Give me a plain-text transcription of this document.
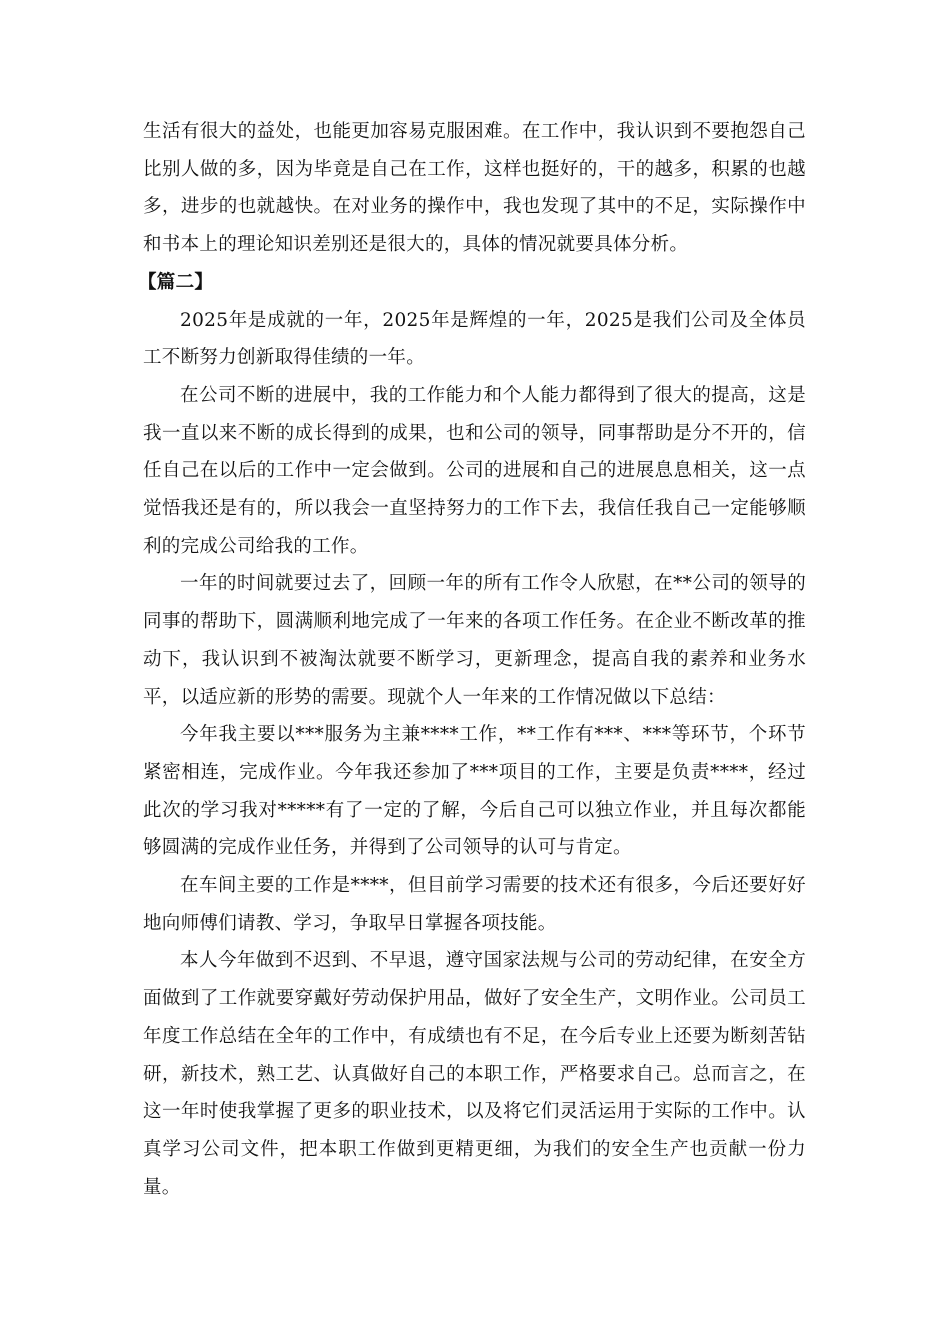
生活有很大的益处，也能更加容易克服困难。在工作中，我认识到不要抱怨自己比别人做的多，因为毕竟是自己在工作，这样也挺好的，干的越多，积累的也越多，进步的也就越快。在对业务的操作中，我也发现了其中的不足，实际操作中和书本上的理论知识差别还是很大的，具体的情况就要具体分析。

【篇二】

2025年是成就的一年，2025年是辉煌的一年，2025是我们公司及全体员工不断努力创新取得佳绩的一年。

在公司不断的进展中，我的工作能力和个人能力都得到了很大的提高，这是我一直以来不断的成长得到的成果，也和公司的领导，同事帮助是分不开的，信任自己在以后的工作中一定会做到。公司的进展和自己的进展息息相关，这一点觉悟我还是有的，所以我会一直坚持努力的工作下去，我信任我自己一定能够顺利的完成公司给我的工作。

一年的时间就要过去了，回顾一年的所有工作令人欣慰，在**公司的领导的同事的帮助下，圆满顺利地完成了一年来的各项工作任务。在企业不断改革的推动下，我认识到不被淘汰就要不断学习，更新理念，提高自我的素养和业务水平，以适应新的形势的需要。现就个人一年来的工作情况做以下总结：

今年我主要以***服务为主兼****工作，**工作有***、***等环节，个环节紧密相连，完成作业。今年我还参加了***项目的工作，主要是负责****，经过此次的学习我对*****有了一定的了解，今后自己可以独立作业，并且每次都能够圆满的完成作业任务，并得到了公司领导的认可与肯定。

在车间主要的工作是****，但目前学习需要的技术还有很多，今后还要好好地向师傅们请教、学习，争取早日掌握各项技能。

本人今年做到不迟到、不早退，遵守国家法规与公司的劳动纪律，在安全方面做到了工作就要穿戴好劳动保护用品，做好了安全生产，文明作业。公司员工年度工作总结在全年的工作中，有成绩也有不足，在今后专业上还要为断刻苦钻研，新技术，熟工艺、认真做好自己的本职工作，严格要求自己。总而言之，在这一年时使我掌握了更多的职业技术，以及将它们灵活运用于实际的工作中。认真学习公司文件，把本职工作做到更精更细，为我们的安全生产也贡献一份力量。
